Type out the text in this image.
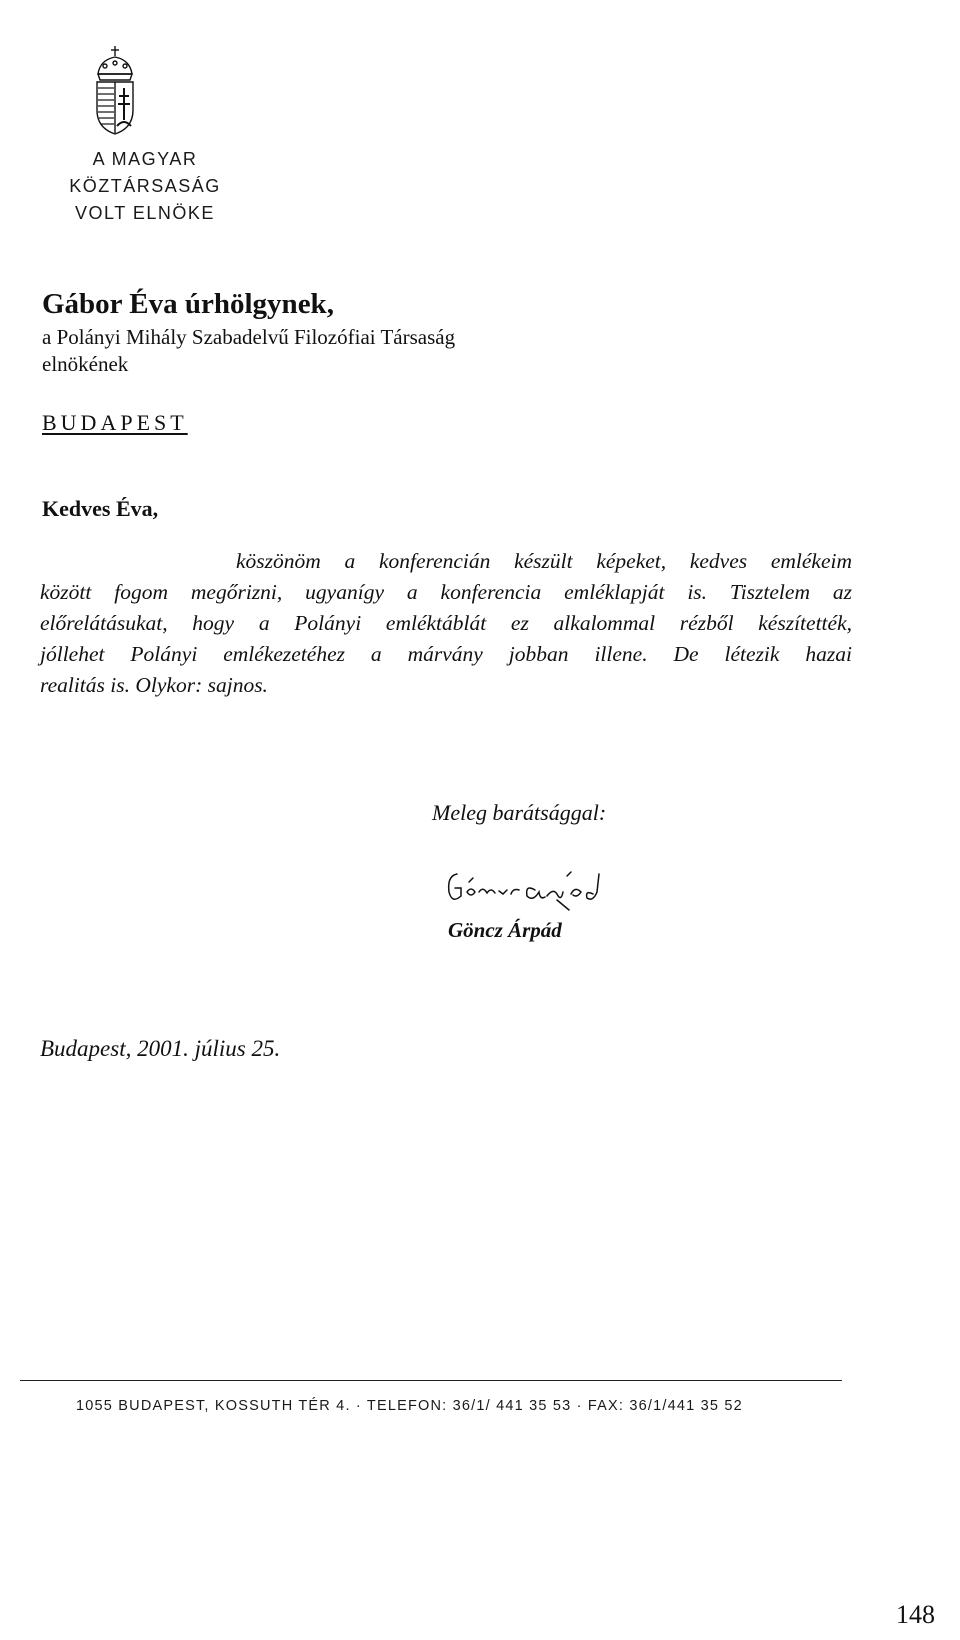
A MAGYAR
KÖZTÁRSASÁG
VOLT ELNÖKE
Gábor Éva úrhölgynek,
a Polányi Mihály Szabadelvű Filozófiai Társaság
elnökének
BUDAPEST
Kedves Éva,
köszönöm a konferencián készült képeket, kedves emlékeim
között fogom megőrizni, ugyanígy a konferencia emléklapját is. Tisztelem az
előrelátásukat, hogy a Polányi emléktáblát ez alkalommal rézből készítették,
jóllehet Polányi emlékezetéhez a márvány jobban illene. De létezik hazai
realitás is. Olykor: sajnos.
Meleg barátsággal:
Göncz Árpád
Budapest, 2001. július 25.
1055 BUDAPEST, KOSSUTH TÉR 4. · TELEFON: 36/1/ 441 35 53 · FAX: 36/1/441 35 52
148
